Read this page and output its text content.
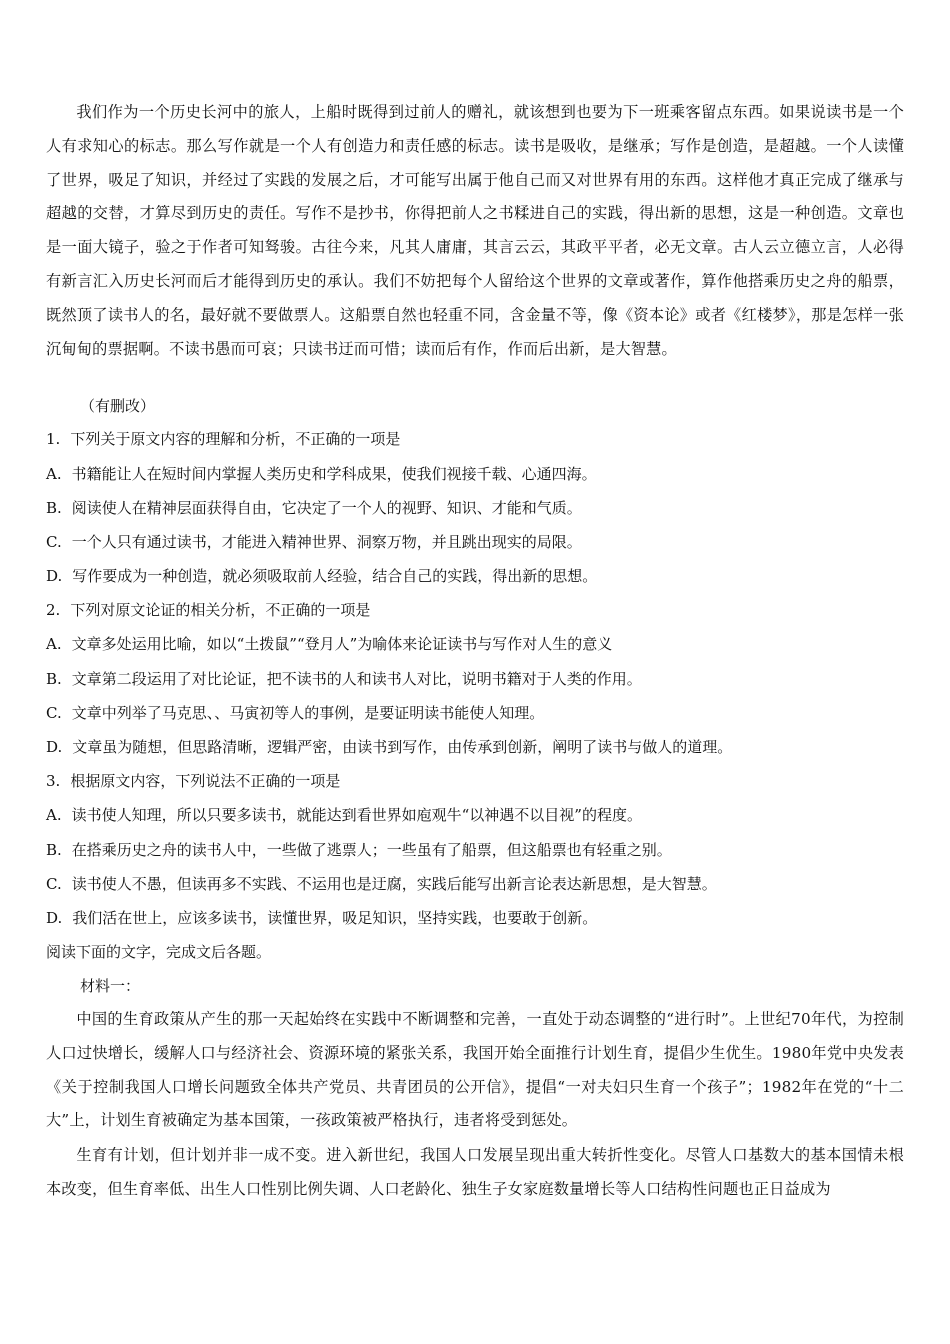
我们作为一个历史长河中的旅人，上船时既得到过前人的赠礼，就该想到也要为下一班乘客留点东西。如果说读书是一个人有求知心的标志。那么写作就是一个人有创造力和责任感的标志。读书是吸收，是继承；写作是创造，是超越。一个人读懂了世界，吸足了知识，并经过了实践的发展之后，才可能写出属于他自己而又对世界有用的东西。这样他才真正完成了继承与超越的交替，才算尽到历史的责任。写作不是抄书，你得把前人之书糅进自己的实践，得出新的思想，这是一种创造。文章也是一面大镜子，验之于作者可知驽骏。古往今来，凡其人庸庸，其言云云，其政平平者，必无文章。古人云立德立言，人必得有新言汇入历史长河而后才能得到历史的承认。我们不妨把每个人留给这个世界的文章或著作，算作他搭乘历史之舟的船票，既然顶了读书人的名，最好就不要做票人。这船票自然也轻重不同，含金量不等，像《资本论》或者《红楼梦》，那是怎样一张沉甸甸的票据啊。不读书愚而可哀；只读书迂而可惜；读而后有作，作而后出新，是大智慧。

（有删改）

1. 下列关于原文内容的理解和分析，不正确的一项是

A. 书籍能让人在短时间内掌握人类历史和学科成果，使我们视接千载、心通四海。

B. 阅读使人在精神层面获得自由，它决定了一个人的视野、知识、才能和气质。

C. 一个人只有通过读书，才能进入精神世界、洞察万物，并且跳出现实的局限。

D. 写作要成为一种创造，就必须吸取前人经验，结合自己的实践，得出新的思想。

2. 下列对原文论证的相关分析，不正确的一项是

A. 文章多处运用比喻，如以“土拨鼠”“登月人”为喻体来论证读书与写作对人生的意义

B. 文章第二段运用了对比论证，把不读书的人和读书人对比，说明书籍对于人类的作用。

C. 文章中列举了马克思、、马寅初等人的事例，是要证明读书能使人知理。

D. 文章虽为随想，但思路清晰，逻辑严密，由读书到写作，由传承到创新，阐明了读书与做人的道理。

3. 根据原文内容，下列说法不正确的一项是

A. 读书使人知理，所以只要多读书，就能达到看世界如庖观牛“以神遇不以目视”的程度。

B. 在搭乘历史之舟的读书人中，一些做了逃票人；一些虽有了船票，但这船票也有轻重之别。

C. 读书使人不愚，但读再多不实践、不运用也是迂腐，实践后能写出新言论表达新思想，是大智慧。

D. 我们活在世上，应该多读书，读懂世界，吸足知识，坚持实践，也要敢于创新。

阅读下面的文字，完成文后各题。

材料一：

中国的生育政策从产生的那一天起始终在实践中不断调整和完善，一直处于动态调整的“进行时”。上世纪70年代，为控制人口过快增长，缓解人口与经济社会、资源环境的紧张关系，我国开始全面推行计划生育，提倡少生优生。1980年党中央发表《关于控制我国人口增长问题致全体共产党员、共青团员的公开信》，提倡“一对夫妇只生育一个孩子”；1982年在党的“十二大”上，计划生育被确定为基本国策，一孩政策被严格执行，违者将受到惩处。

生育有计划，但计划并非一成不变。进入新世纪，我国人口发展呈现出重大转折性变化。尽管人口基数大的基本国情未根本改变，但生育率低、出生人口性别比例失调、人口老龄化、独生子女家庭数量增长等人口结构性问题也正日益成为
